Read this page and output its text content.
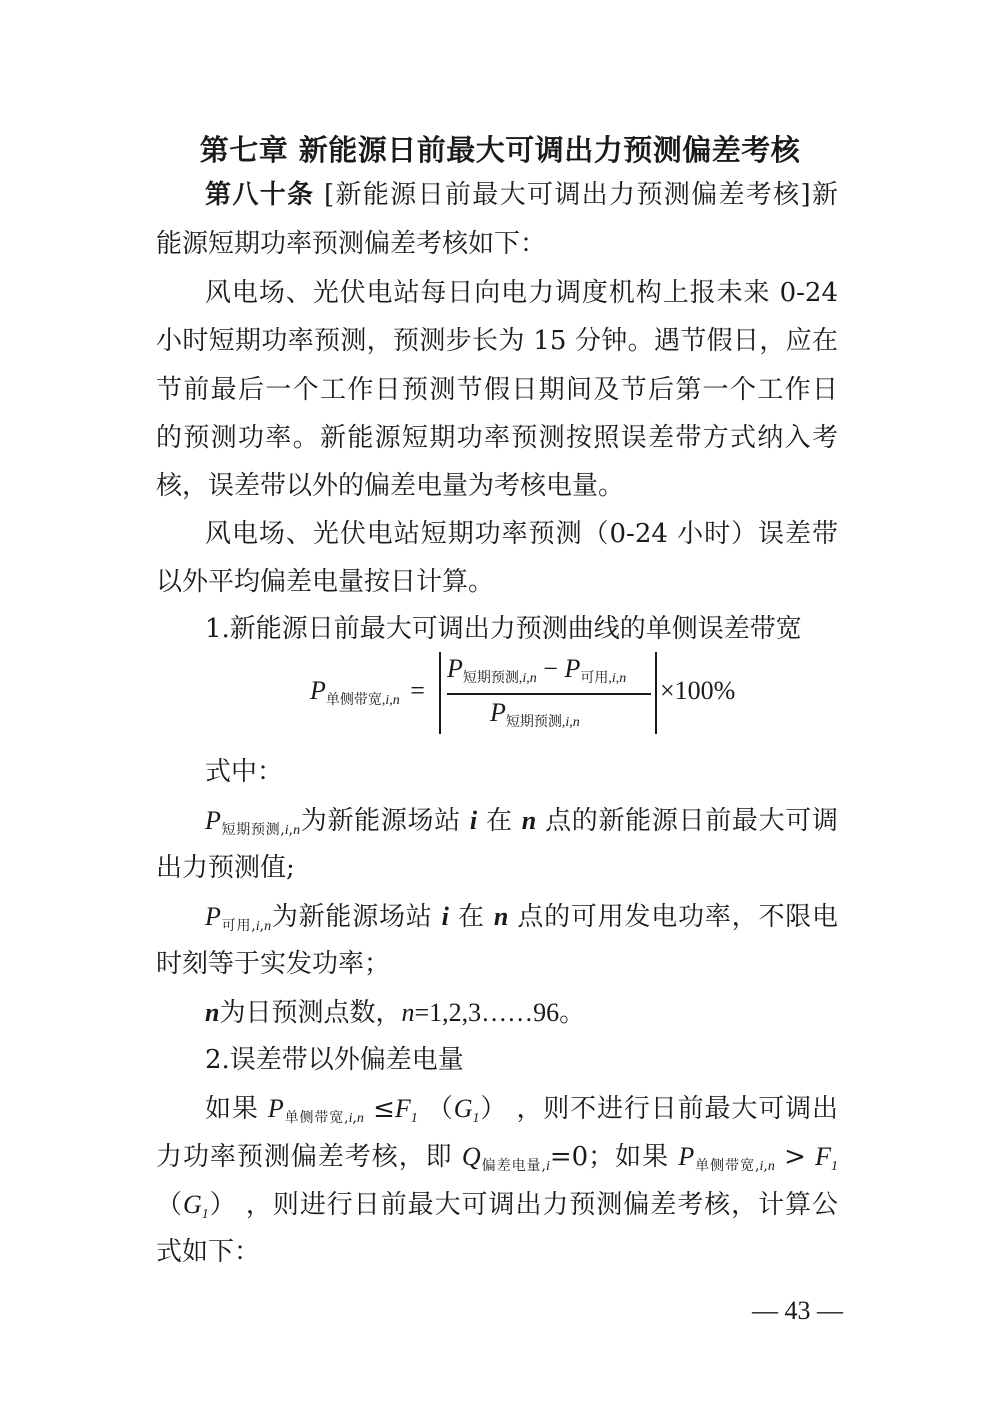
第七章 新能源日前最大可调出力预测偏差考核
第八十条 [新能源日前最大可调出力预测偏差考核]新
能源短期功率预测偏差考核如下：
风电场、光伏电站每日向电力调度机构上报未来 0-24
小时短期功率预测，预测步长为 15 分钟。遇节假日，应在
节前最后一个工作日预测节假日期间及节后第一个工作日
的预测功率。新能源短期功率预测按照误差带方式纳入考
核，误差带以外的偏差电量为考核电量。
风电场、光伏电站短期功率预测（0-24 小时）误差带
以外平均偏差电量按日计算。
1.新能源日前最大可调出力预测曲线的单侧误差带宽
$P_{单侧带宽,i,n}$ =
$P_{短期预测,i,n} - P_{可用,i,n}$
$P_{短期预测,i,n}$
×100%
式中：
$P_{短期预测,i,n}$为新能源场站 i 在 n 点的新能源日前最大可调
出力预测值;
$P_{可用,i,n}$为新能源场站 i 在 n 点的可用发电功率，不限电
时刻等于实发功率；
n为日预测点数，n=1,2,3……96。
2.误差带以外偏差电量
如果 $P_{单侧带宽,i,n} \le F_1$ $(G_1)$ ，则不进行日前最大可调出
力功率预测偏差考核，即 $Q_{偏差电量,i}=0$；如果 $P_{单侧带宽,i,n} > F_1$
$(G_1)$ ，则进行日前最大可调出力预测偏差考核，计算公
式如下：
— 43 —
